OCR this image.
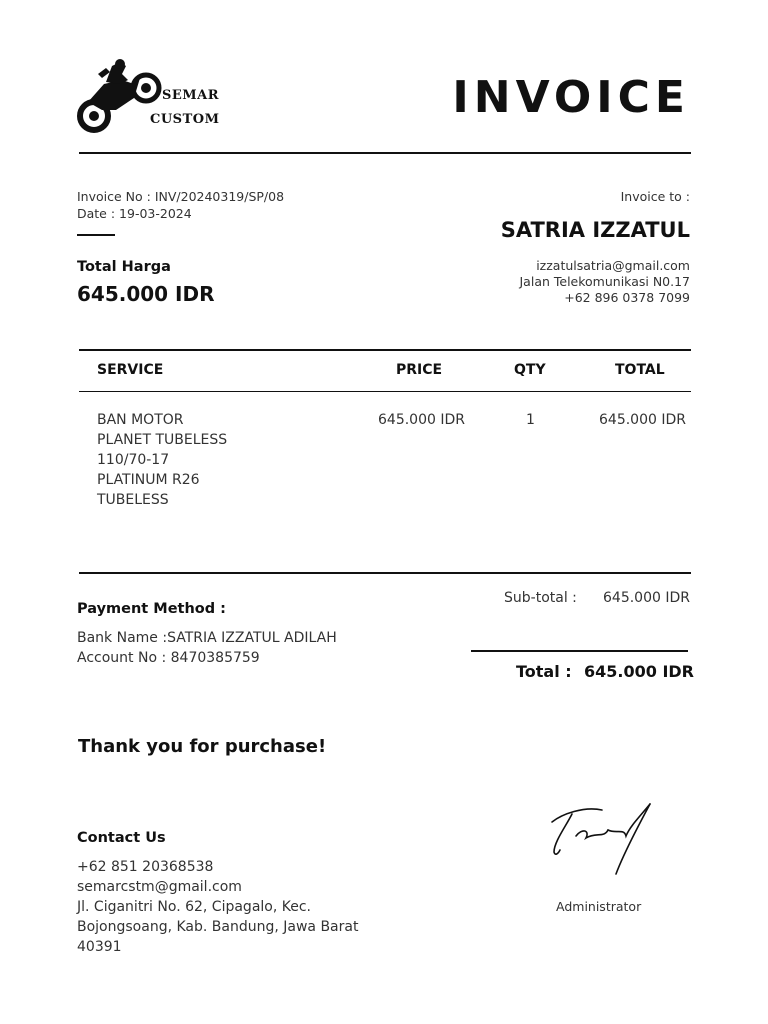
SEMAR
CUSTOM	INVOICE
Invoice No : INV/20240319/SP/08
Date : 19-03-2024
Total Harga
645.000 IDR
Invoice to :
SATRIA IZZATUL
izzatulsatria@gmail.com
Jalan Telekomunikasi N0.17
+62 896 0378 7099
SERVICE	PRICE	QTY	TOTAL
BAN MOTOR
PLANET TUBELESS
110/70-17
PLATINUM R26
TUBELESS
645.000 IDR	1	645.000 IDR
Payment Method :
Bank Name :SATRIA IZZATUL ADILAH
Account No : 8470385759
Sub-total : 645.000 IDR
Total : 645.000 IDR
Thank you for purchase!
Contact Us
+62 851 20368538
semarcstm@gmail.com
Jl. Ciganitri No. 62, Cipagalo, Kec.
Bojongsoang, Kab. Bandung, Jawa Barat
40391
Administrator
